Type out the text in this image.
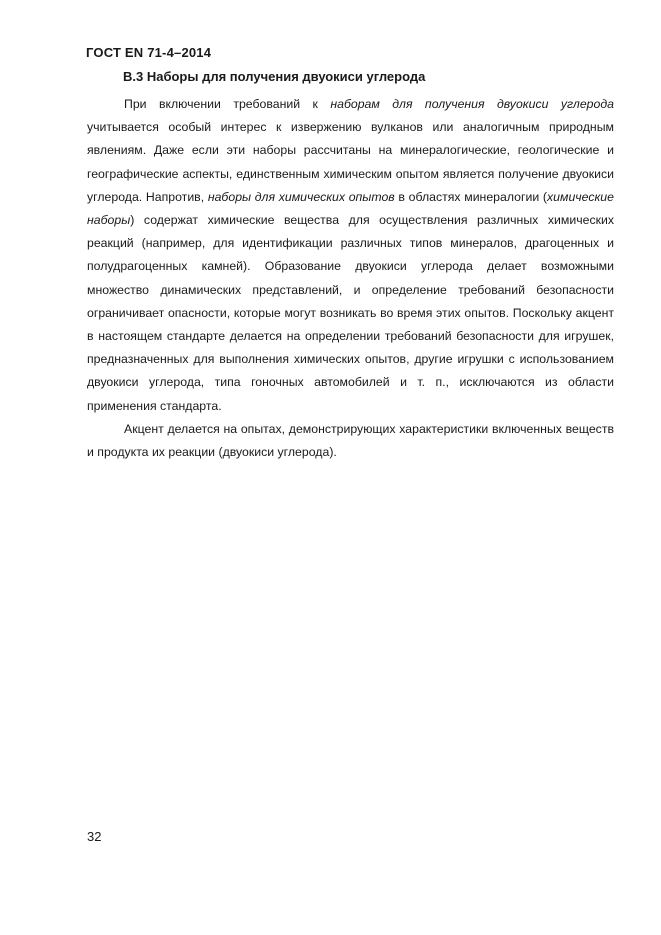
ГОСТ EN 71-4–2014
В.3 Наборы для получения двуокиси углерода

При включении требований к наборам для получения двуокиси углерода учитывается особый интерес к извержению вулканов или аналогичным природным явлениям. Даже если эти наборы рассчитаны на минералогические, геологические и географические аспекты, единственным химическим опытом является получение двуокиси углерода. Напротив, наборы для химических опытов в областях минералогии (химические наборы) содержат химические вещества для осуществления различных химических реакций (например, для идентификации различных типов минералов, драгоценных и полудрагоценных камней). Образование двуокиси углерода делает возможными множество динамических представлений, и определение требований безопасности ограничивает опасности, которые могут возникать во время этих опытов. Поскольку акцент в настоящем стандарте делается на определении требований безопасности для игрушек, предназначенных для выполнения химических опытов, другие игрушки с использованием двуокиси углерода, типа гоночных автомобилей и т. п., исключаются из области применения стандарта.

Акцент делается на опытах, демонстрирующих характеристики включенных веществ и продукта их реакции (двуокиси углерода).

32
